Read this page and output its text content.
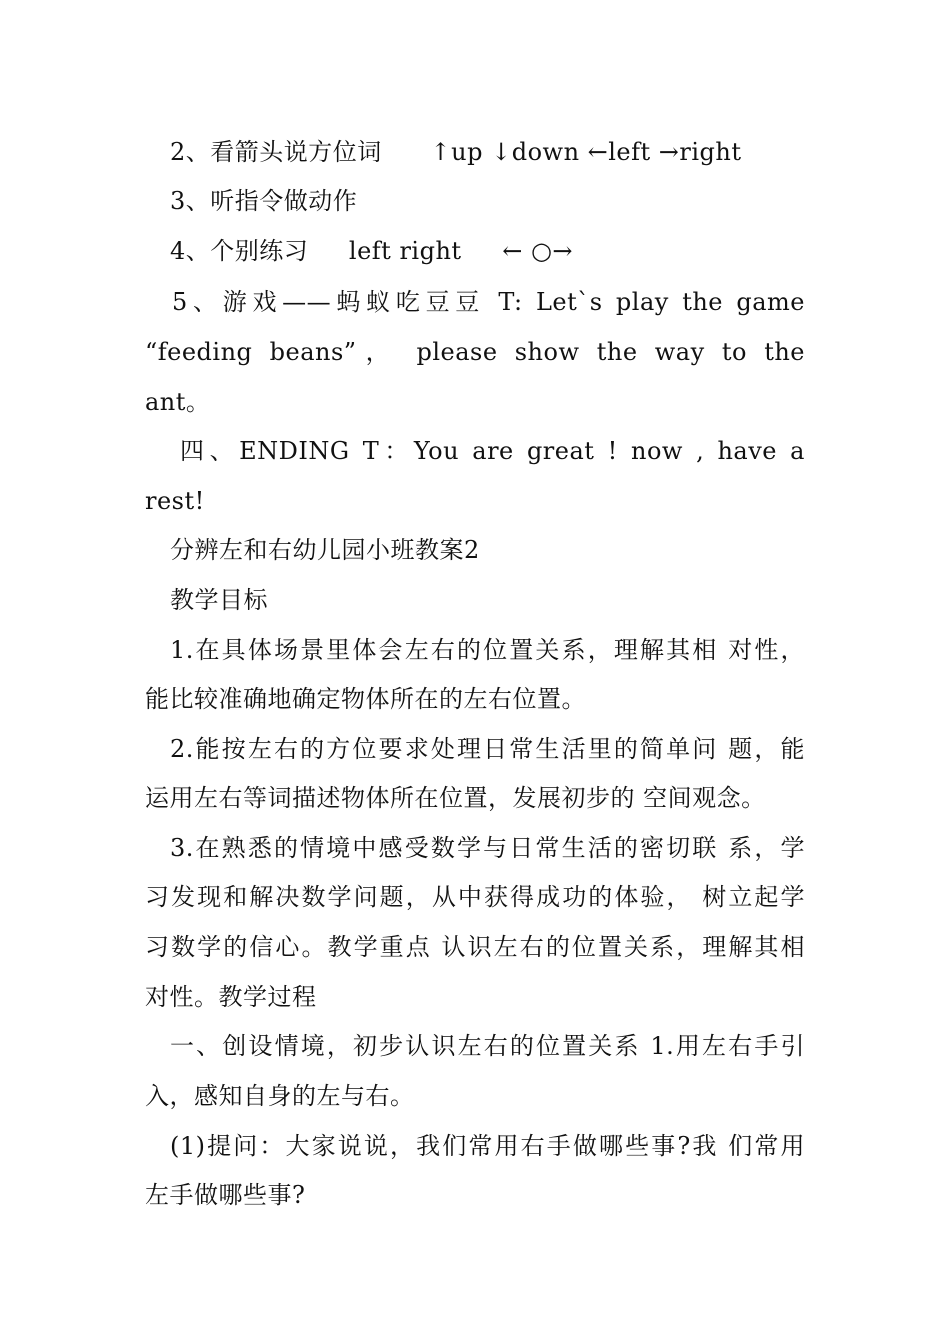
2、看箭头说方位词      ↑up ↓down ←left →right
3、听指令做动作
4、个别练习     left right     ← ○→
5、游戏——蚂蚁吃豆豆 T: Let`s play the game
“feeding beans”， please show the way to the
ant。
四、ENDING T：You are great ! now , have a
rest!
分辨左和右幼儿园小班教案2
教学目标
1.在具体场景里体会左右的位置关系，理解其相 对性，
能比较准确地确定物体所在的左右位置。
2.能按左右的方位要求处理日常生活里的简单问 题，能
运用左右等词描述物体所在位置，发展初步的 空间观念。
3.在熟悉的情境中感受数学与日常生活的密切联 系，学
习发现和解决数学问题，从中获得成功的体验， 树立起学
习数学的信心。教学重点 认识左右的位置关系，理解其相
对性。教学过程
一、创设情境，初步认识左右的位置关系 1.用左右手引
入，感知自身的左与右。
(1)提问：大家说说，我们常用右手做哪些事?我 们常用
左手做哪些事?
